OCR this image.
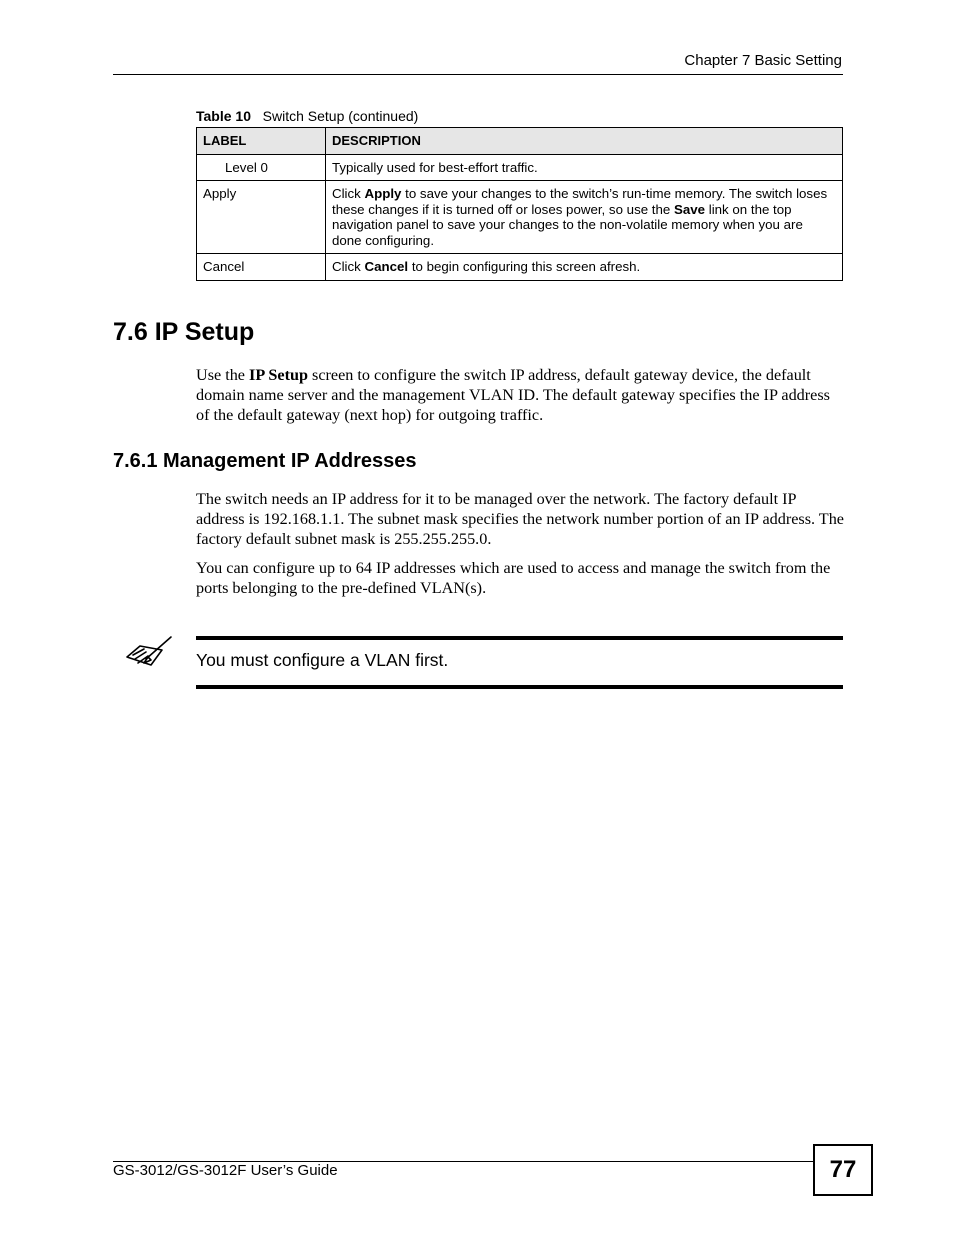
Chapter 7 Basic Setting
Table 10 Switch Setup (continued)
LABEL	DESCRIPTION
Level 0	Typically used for best-effort traffic.
Apply	Click Apply to save your changes to the switch’s run-time memory. The switch loses these changes if it is turned off or loses power, so use the Save link on the top navigation panel to save your changes to the non-volatile memory when you are done configuring.
Cancel	Click Cancel to begin configuring this screen afresh.
7.6 IP Setup

Use the IP Setup screen to configure the switch IP address, default gateway device, the default domain name server and the management VLAN ID. The default gateway specifies the IP address of the default gateway (next hop) for outgoing traffic.

7.6.1 Management IP Addresses

The switch needs an IP address for it to be managed over the network. The factory default IP address is 192.168.1.1. The subnet mask specifies the network number portion of an IP address. The factory default subnet mask is 255.255.255.0.

You can configure up to 64 IP addresses which are used to access and manage the switch from the ports belonging to the pre-defined VLAN(s).

You must configure a VLAN first.
GS-3012/GS-3012F User’s Guide	77
